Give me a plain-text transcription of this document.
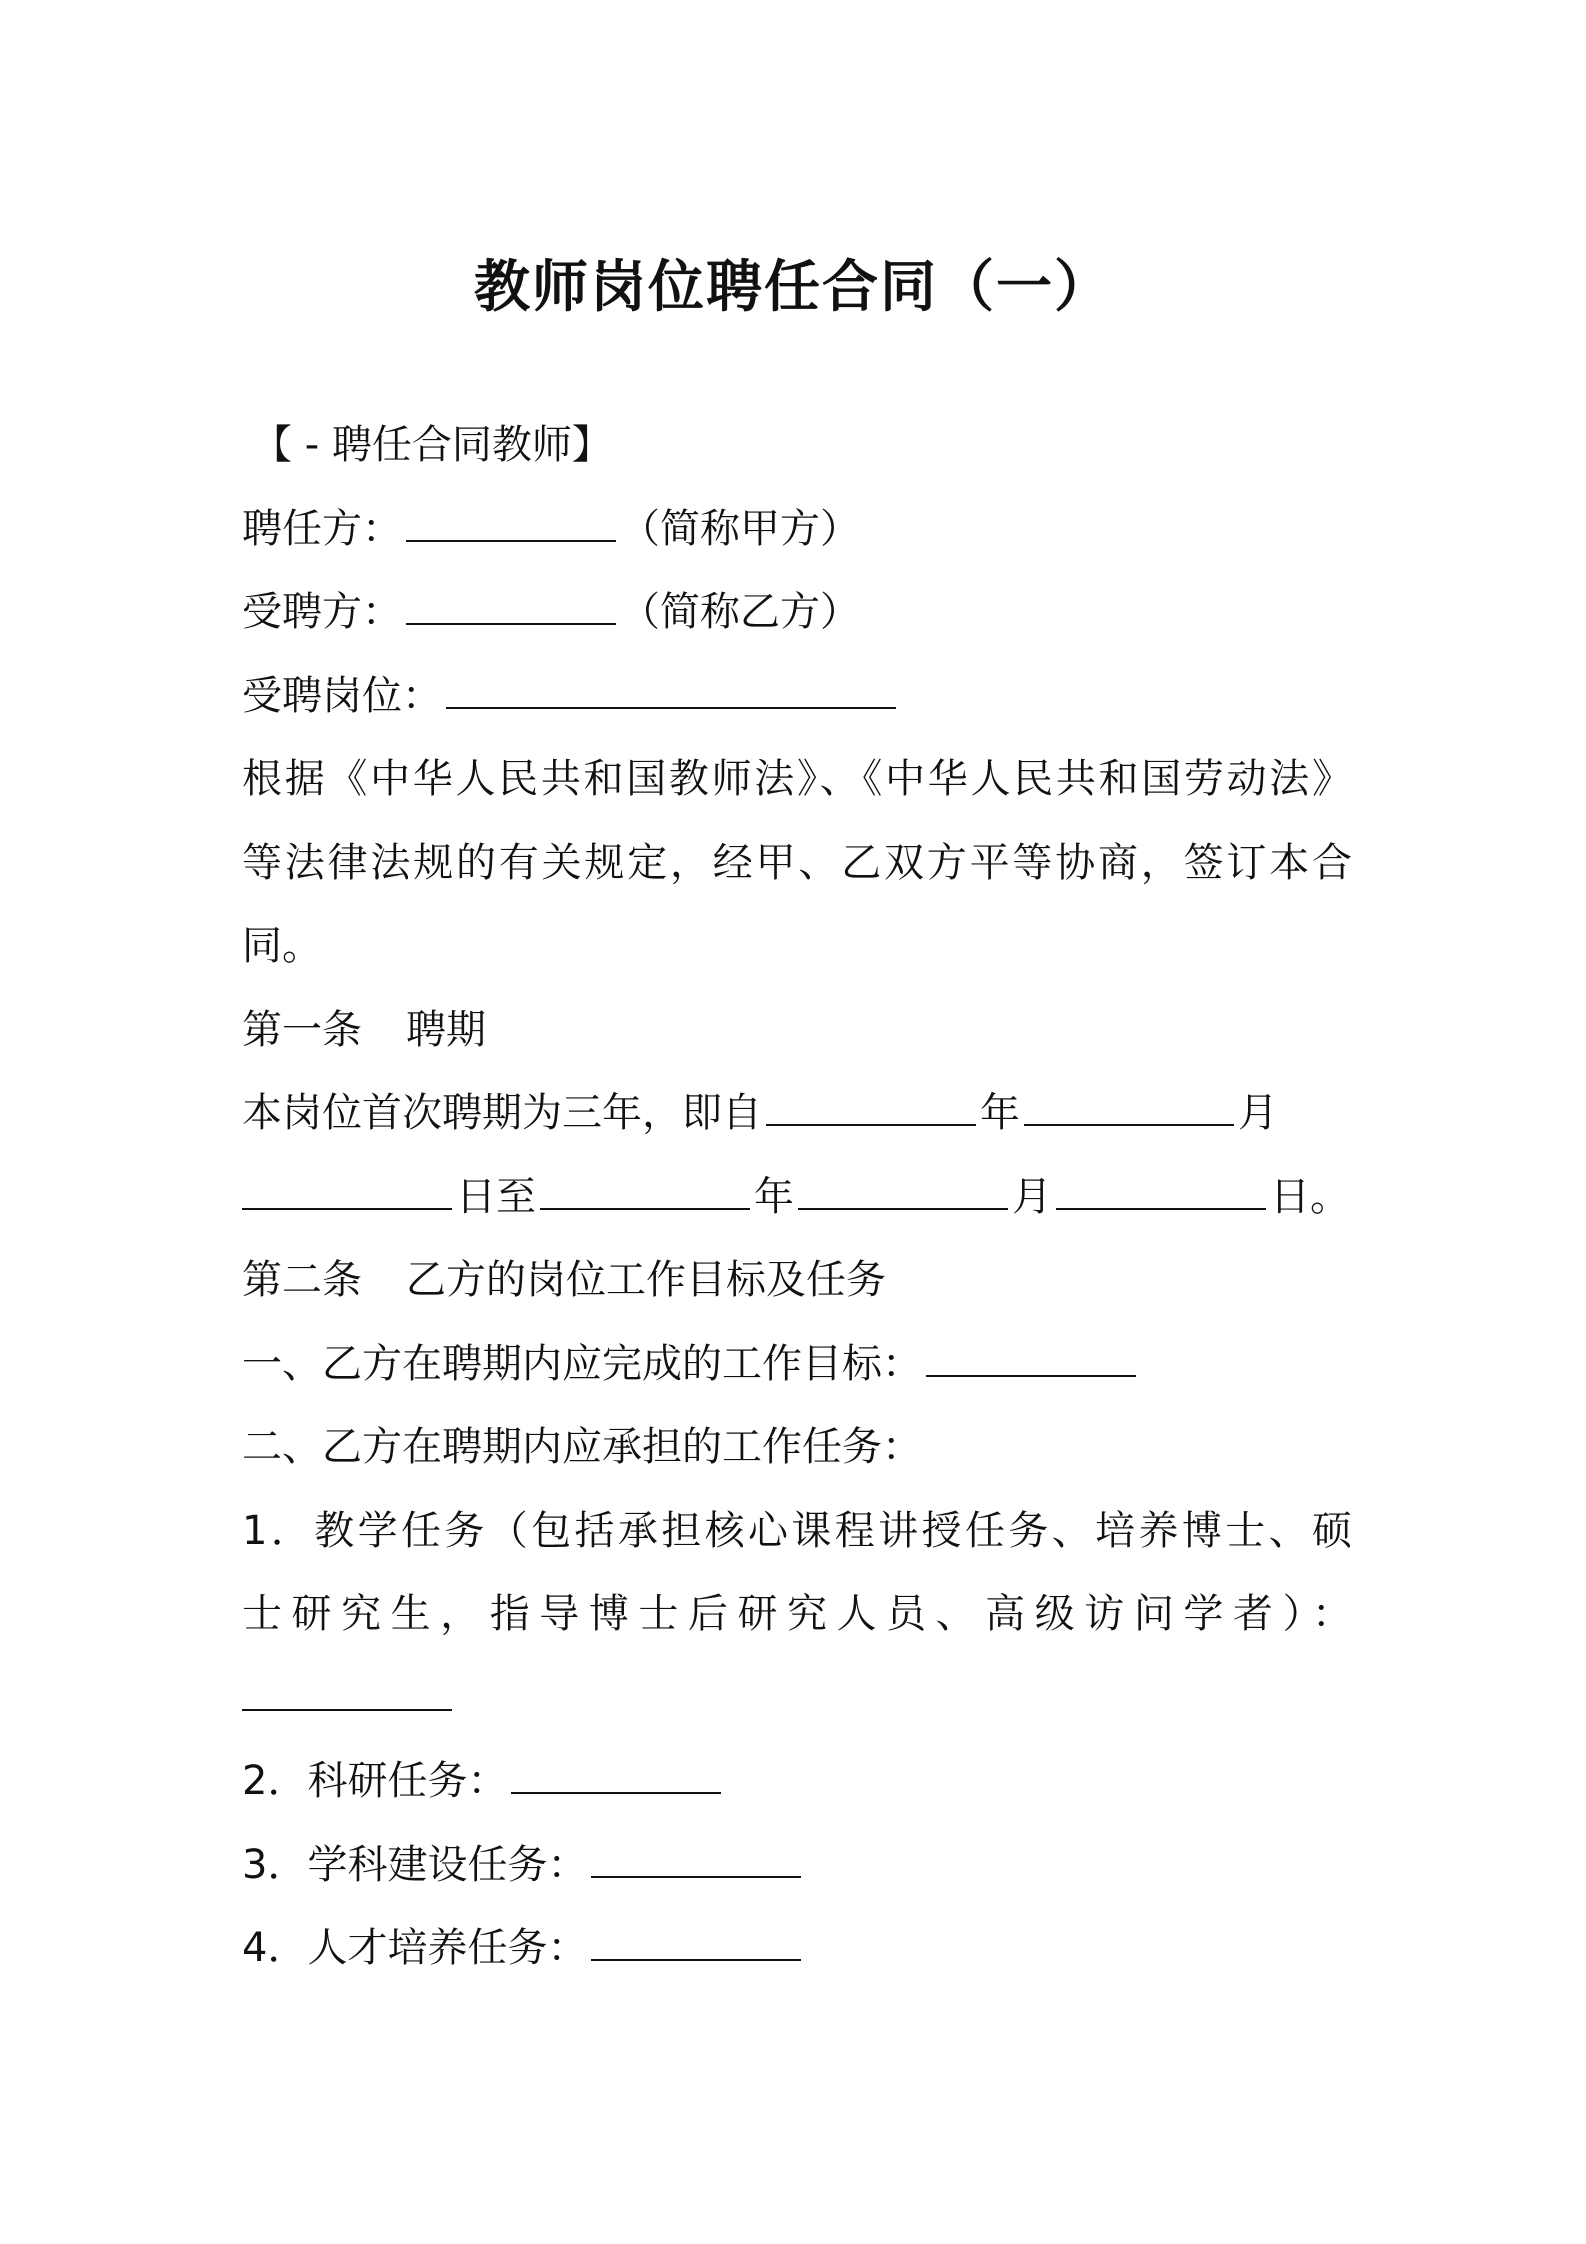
教师岗位聘任合同（一）
【 - 聘任合同教师】
聘任方：	（简称甲方）
受聘方：	（简称乙方）
受聘岗位：
根据《中华人民共和国教师法》、《中华人民共和国劳动法》
等法律法规的有关规定，经甲、乙双方平等协商，签订本合
同。
第一条 聘期
本岗位首次聘期为三年，即自	年	月
日至	年	月	日。
第二条 乙方的岗位工作目标及任务
一、乙方在聘期内应完成的工作目标：
二、乙方在聘期内应承担的工作任务：
1．教学任务（包括承担核心课程讲授任务、培养博士、硕
士研究生，指导博士后研究人员、高级访问学者）：
2．科研任务：
3．学科建设任务：
4．人才培养任务：
